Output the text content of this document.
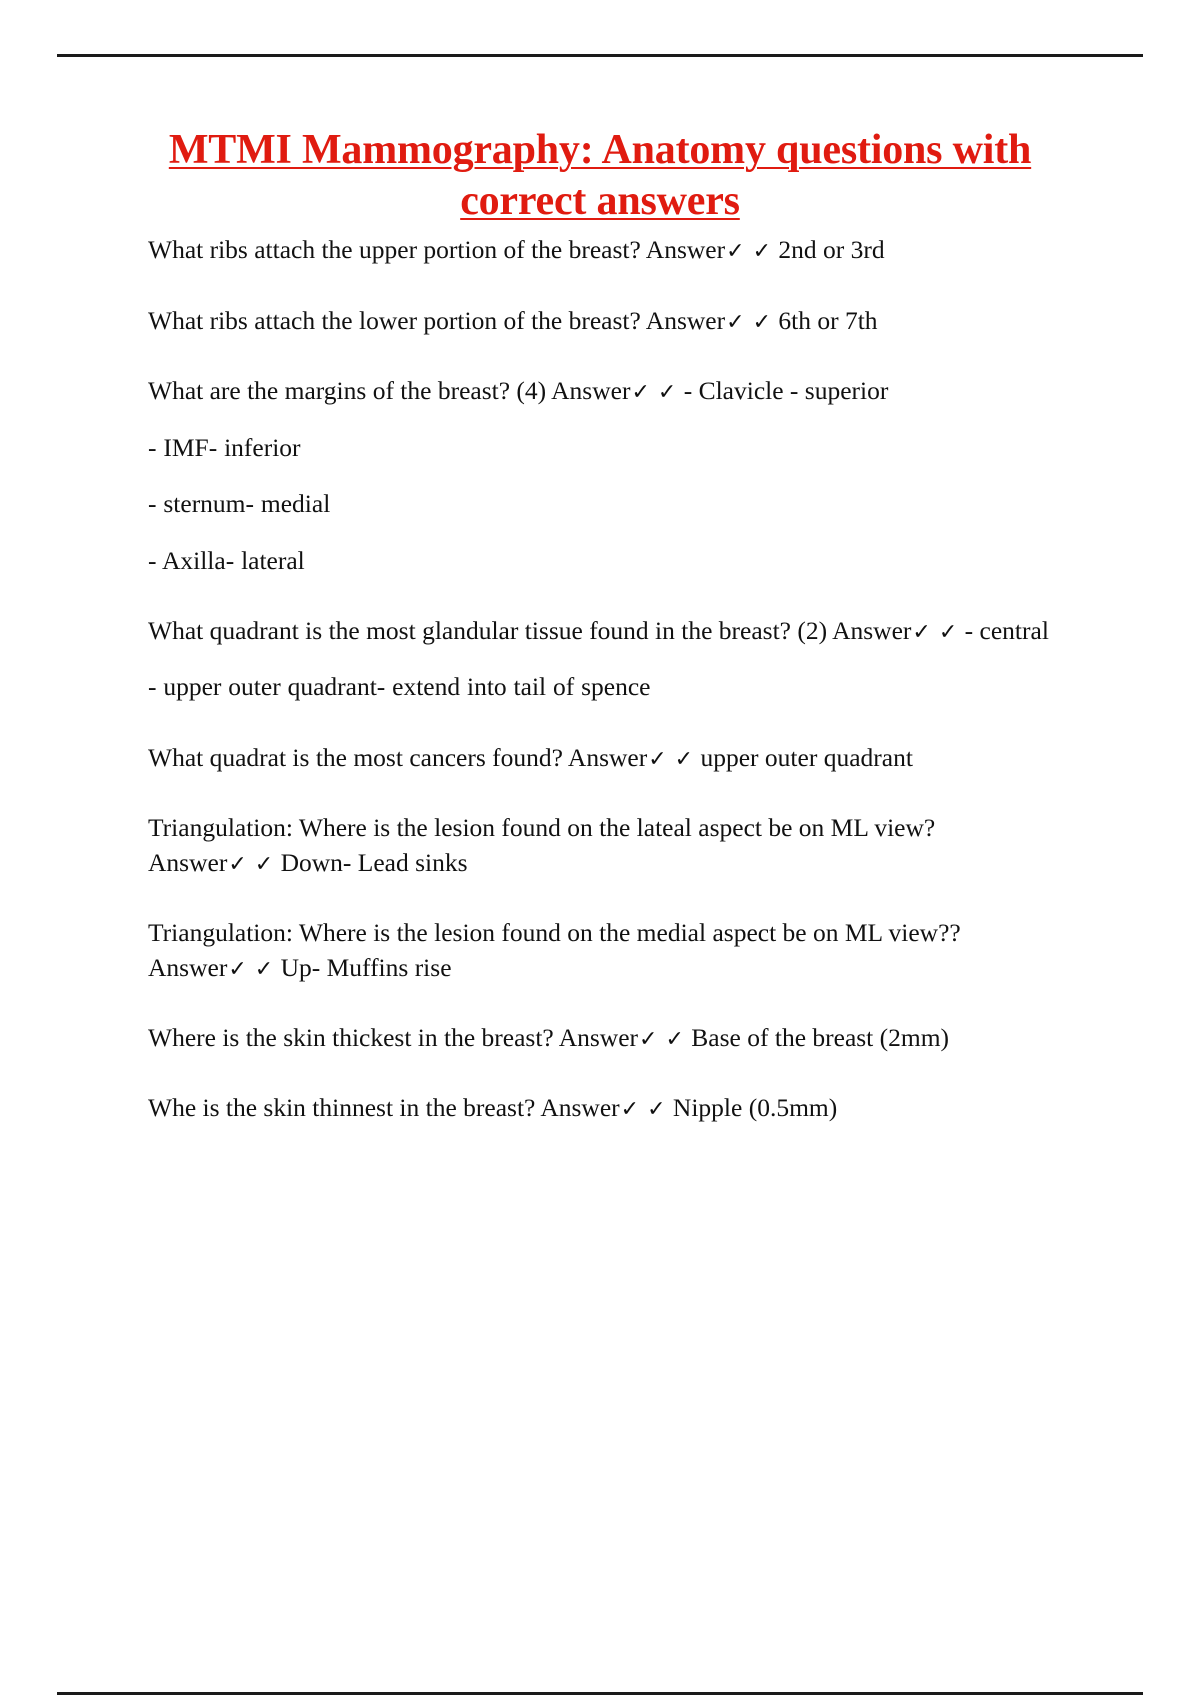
MTMI Mammography: Anatomy questions with
correct answers

What ribs attach the upper portion of the breast? Answer✓ ✓ 2nd or 3rd

What ribs attach the lower portion of the breast? Answer✓ ✓ 6th or 7th

What are the margins of the breast? (4) Answer✓ ✓ - Clavicle - superior

- IMF- inferior

- sternum- medial

- Axilla- lateral

What quadrant is the most glandular tissue found in the breast? (2) Answer✓ ✓ - central

- upper outer quadrant- extend into tail of spence

What quadrat is the most cancers found? Answer✓ ✓ upper outer quadrant

Triangulation: Where is the lesion found on the lateal aspect be on ML view? Answer✓ ✓ Down- Lead sinks

Triangulation: Where is the lesion found on the medial aspect be on ML view?? Answer✓ ✓ Up- Muffins rise

Where is the skin thickest in the breast? Answer✓ ✓ Base of the breast (2mm)

Whe is the skin thinnest in the breast? Answer✓ ✓ Nipple (0.5mm)
